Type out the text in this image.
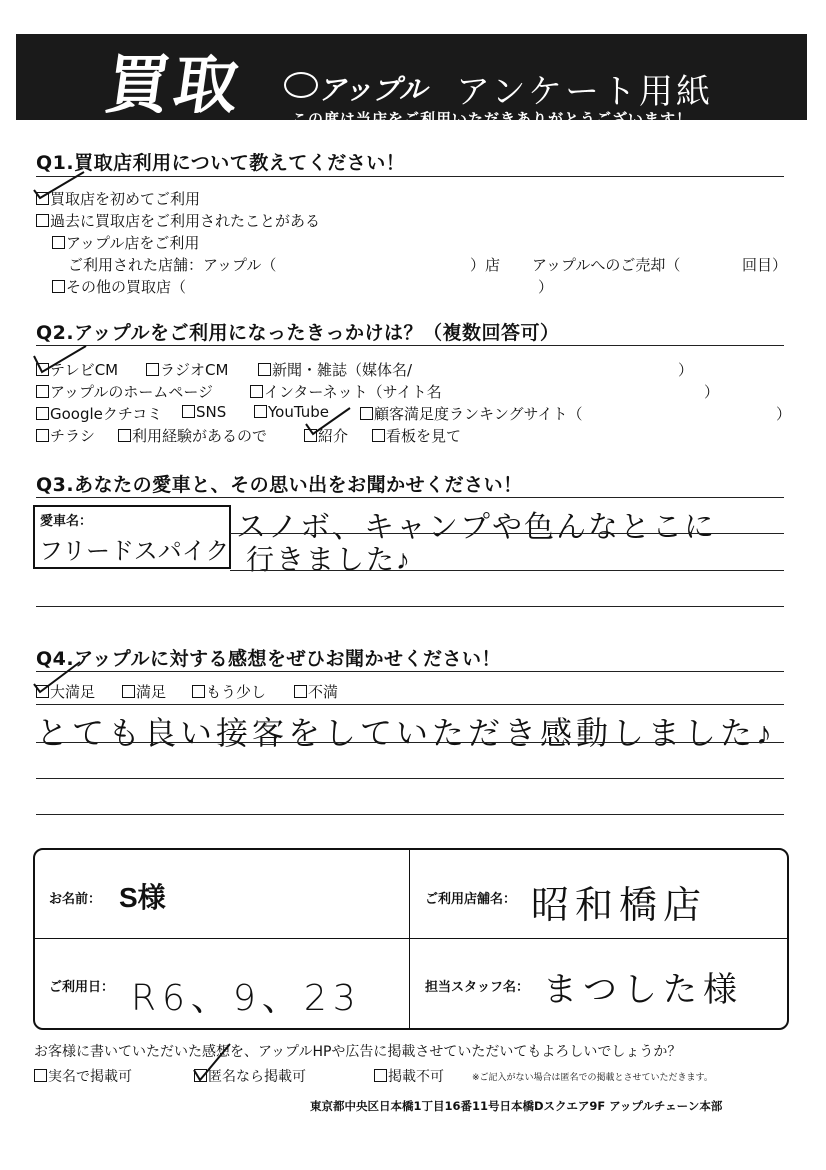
買取	アップル アンケート用紙
この度は当店をご利用いただきありがとうございます！
Q1.買取店利用について教えてください！
買取店を初めてご利用
過去に買取店をご利用されたことがある
アップル店をご利用
ご利用された店舗：アップル（	）店 アップルへのご売却（	回目）
その他の買取店（	）
Q2.アップルをご利用になったきっかけは？（複数回答可）
テレビCM	ラジオCM	新聞・雑誌（媒体名/	）
アップルのホームページ	インターネット（サイト名	）
Googleクチコミ	SNS	YouTube	顧客満足度ランキングサイト（	）
チラシ	利用経験があるので	紹介	看板を見て
Q3.あなたの愛車と、その思い出をお聞かせください！
愛車名：
フリードスパイク
スノボ、キャンプや色んなとこに
行きました♪
Q4.アップルに対する感想をぜひお聞かせください！
大満足	満足	もう少し	不満
とても良い接客をしていただき感動しました♪
お名前： S様	ご利用店舗名： 昭和橋店
ご利用日： R6、9、23	担当スタッフ名： まつした様
お客様に書いていただいた感想を、アップルHPや広告に掲載させていただいてもよろしいでしょうか？
実名で掲載可	匿名なら掲載可	掲載不可	※ご記入がない場合は匿名での掲載とさせていただきます。
東京都中央区日本橋1丁目16番11号日本橋Dスクエア9F アップルチェーン本部
